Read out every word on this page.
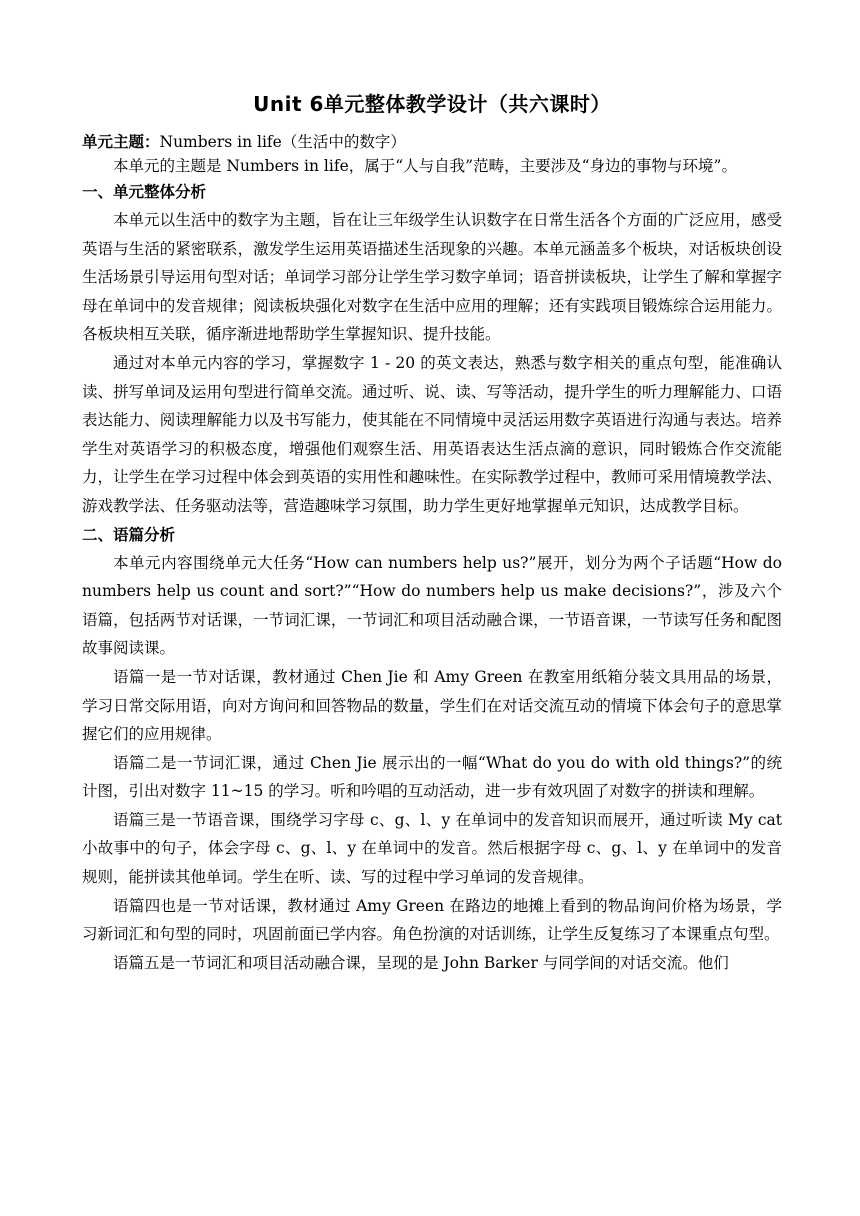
Unit 6单元整体教学设计（共六课时）

单元主题：Numbers in life（生活中的数字）

本单元的主题是 Numbers in life，属于“人与自我”范畴，主要涉及“身边的事物与环境”。

一、单元整体分析

本单元以生活中的数字为主题，旨在让三年级学生认识数字在日常生活各个方面的广泛应用，感受英语与生活的紧密联系，激发学生运用英语描述生活现象的兴趣。本单元涵盖多个板块，对话板块创设生活场景引导运用句型对话；单词学习部分让学生学习数字单词；语音拼读板块，让学生了解和掌握字母在单词中的发音规律；阅读板块强化对数字在生活中应用的理解；还有实践项目锻炼综合运用能力。各板块相互关联，循序渐进地帮助学生掌握知识、提升技能。

通过对本单元内容的学习，掌握数字 1 - 20 的英文表达，熟悉与数字相关的重点句型，能准确认读、拼写单词及运用句型进行简单交流。通过听、说、读、写等活动，提升学生的听力理解能力、口语表达能力、阅读理解能力以及书写能力，使其能在不同情境中灵活运用数字英语进行沟通与表达。培养学生对英语学习的积极态度，增强他们观察生活、用英语表达生活点滴的意识，同时锻炼合作交流能力，让学生在学习过程中体会到英语的实用性和趣味性。在实际教学过程中，教师可采用情境教学法、游戏教学法、任务驱动法等，营造趣味学习氛围，助力学生更好地掌握单元知识，达成教学目标。

二、语篇分析

本单元内容围绕单元大任务“How can numbers help us?”展开，划分为两个子话题“How do numbers help us count and sort?”“How do numbers help us make decisions?”，涉及六个语篇，包括两节对话课，一节词汇课，一节词汇和项目活动融合课，一节语音课，一节读写任务和配图故事阅读课。

语篇一是一节对话课，教材通过 Chen Jie 和 Amy Green 在教室用纸箱分装文具用品的场景，学习日常交际用语，向对方询问和回答物品的数量，学生们在对话交流互动的情境下体会句子的意思掌握它们的应用规律。

语篇二是一节词汇课，通过 Chen Jie 展示出的一幅“What do you do with old things?”的统计图，引出对数字 11~15 的学习。听和吟唱的互动活动，进一步有效巩固了对数字的拼读和理解。

语篇三是一节语音课，围绕学习字母 c、g、l、y 在单词中的发音知识而展开，通过听读 My cat 小故事中的句子，体会字母 c、g、l、y 在单词中的发音。然后根据字母 c、g、l、y 在单词中的发音规则，能拼读其他单词。学生在听、读、写的过程中学习单词的发音规律。

语篇四也是一节对话课，教材通过 Amy Green 在路边的地摊上看到的物品询问价格为场景，学习新词汇和句型的同时，巩固前面已学内容。角色扮演的对话训练，让学生反复练习了本课重点句型。

语篇五是一节词汇和项目活动融合课，呈现的是 John Barker 与同学间的对话交流。他们
